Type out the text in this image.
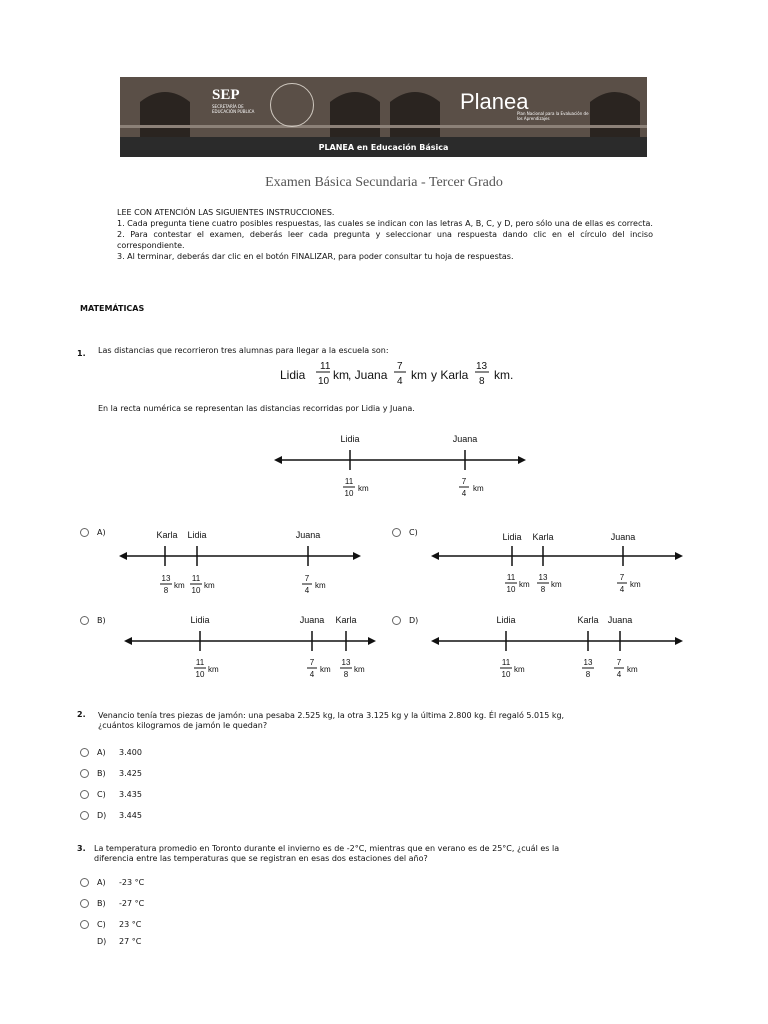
SEP
SECRETARÍA DE EDUCACIÓN PÚBLICA	Planea
Plan Nacional para la Evaluación de los Aprendizajes
PLANEA en Educación Básica
Examen Básica Secundaria - Tercer Grado

LEE CON ATENCIÓN LAS SIGUIENTES INSTRUCCIONES.

1. Cada pregunta tiene cuatro posibles respuestas, las cuales se indican con las letras A, B, C, y D, pero sólo una de ellas es correcta.

2. Para contestar el examen, deberás leer cada pregunta y seleccionar una respuesta dando clic en el círculo del inciso correspondiente.

3. Al terminar, deberás dar clic en el botón FINALIZAR, para poder consultar tu hoja de respuestas.

MATEMÁTICAS
1. Las distancias que recorrieron tres alumnas para llegar a la escuela son:
Lidia
11
10 km , Juana
7
4 km y Karla
13
8 km.
En la recta numérica se representan las distancias recorridas por Lidia y Juana.
Lidia	Juana
11
10
km
7
4
km
A)	Karla Lidia	Juana
13
8
km
11
10
km
7
4
km
C)	Lidia Karla	Juana
11
10
km
13
8
km
7
4
km
B)	Lidia	Juana Karla
11
10
km
7
4
km
13
8
km
D)	Lidia	Karla Juana
11
10
km
13
8
7
4
km
2. Venancio tenía tres piezas de jamón: una pesaba 2.525 kg, la otra 3.125 kg y la última 2.800 kg. Él regaló 5.015 kg,
¿cuántos kilogramos de jamón le quedan?
A)	3.400
B)	3.425
C)	3.435
D)	3.445
3. La temperatura promedio en Toronto durante el invierno es de -2°C, mientras que en verano es de 25°C, ¿cuál es la
diferencia entre las temperaturas que se registran en esas dos estaciones del año?
A)	-23 °C
B)	-27 °C
C)	23 °C
D)	27 °C
